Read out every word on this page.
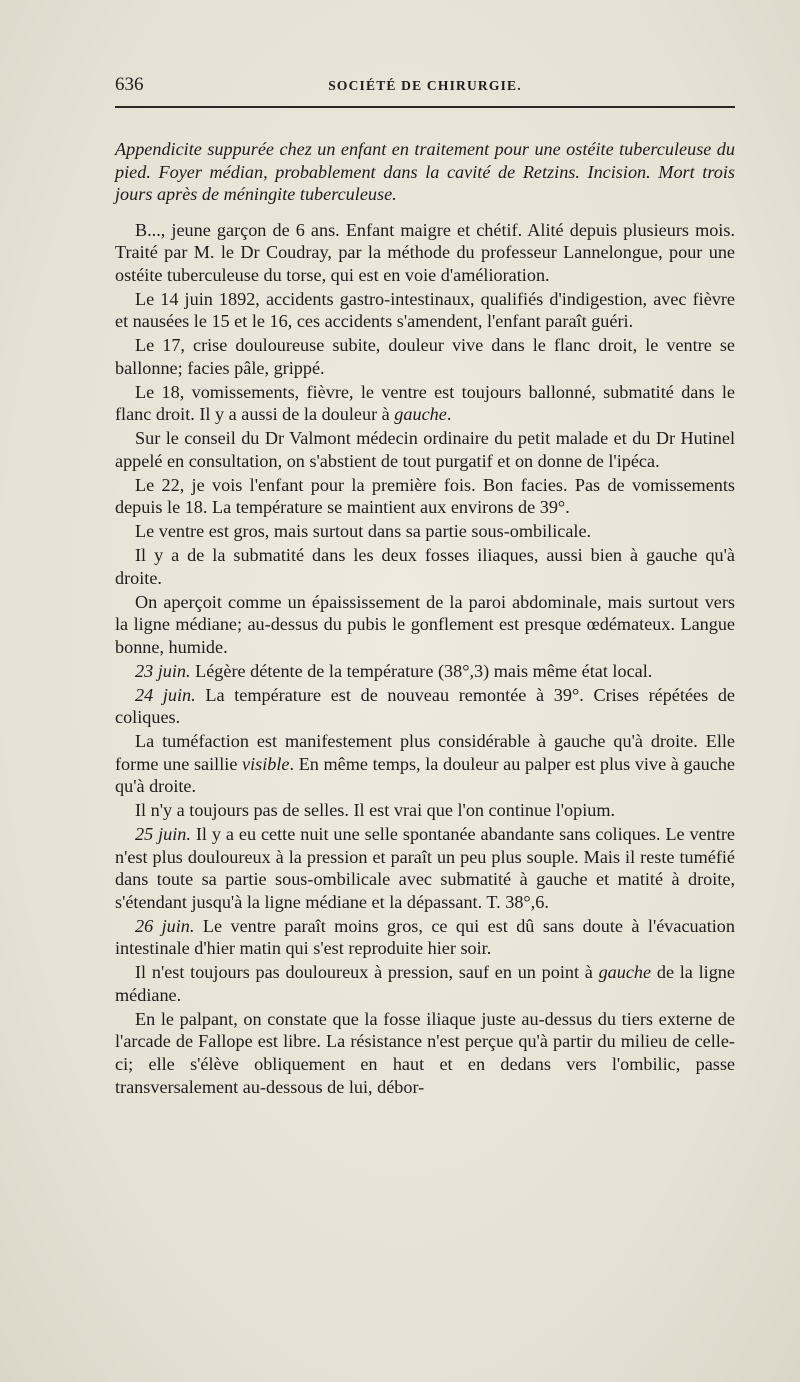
636	SOCIÉTÉ DE CHIRURGIE.

Appendicite suppurée chez un enfant en traitement pour une ostéite tuberculeuse du pied. Foyer médian, probablement dans la cavité de Retzins. Incision. Mort trois jours après de méningite tuberculeuse.

B..., jeune garçon de 6 ans. Enfant maigre et chétif. Alité depuis plusieurs mois. Traité par M. le Dr Coudray, par la méthode du professeur Lannelongue, pour une ostéite tuberculeuse du torse, qui est en voie d'amélioration.

Le 14 juin 1892, accidents gastro-intestinaux, qualifiés d'indigestion, avec fièvre et nausées le 15 et le 16, ces accidents s'amendent, l'enfant paraît guéri.

Le 17, crise douloureuse subite, douleur vive dans le flanc droit, le ventre se ballonne; facies pâle, grippé.

Le 18, vomissements, fièvre, le ventre est toujours ballonné, submatité dans le flanc droit. Il y a aussi de la douleur à gauche.

Sur le conseil du Dr Valmont médecin ordinaire du petit malade et du Dr Hutinel appelé en consultation, on s'abstient de tout purgatif et on donne de l'ipéca.

Le 22, je vois l'enfant pour la première fois. Bon facies. Pas de vomissements depuis le 18. La température se maintient aux environs de 39°.

Le ventre est gros, mais surtout dans sa partie sous-ombilicale.

Il y a de la submatité dans les deux fosses iliaques, aussi bien à gauche qu'à droite.

On aperçoit comme un épaississement de la paroi abdominale, mais surtout vers la ligne médiane; au-dessus du pubis le gonflement est presque œdémateux. Langue bonne, humide.

23 juin. Légère détente de la température (38°,3) mais même état local.

24 juin. La température est de nouveau remontée à 39°. Crises répétées de coliques.

La tuméfaction est manifestement plus considérable à gauche qu'à droite. Elle forme une saillie visible. En même temps, la douleur au palper est plus vive à gauche qu'à droite.

Il n'y a toujours pas de selles. Il est vrai que l'on continue l'opium.

25 juin. Il y a eu cette nuit une selle spontanée abandante sans coliques. Le ventre n'est plus douloureux à la pression et paraît un peu plus souple. Mais il reste tuméfié dans toute sa partie sous-ombilicale avec submatité à gauche et matité à droite, s'étendant jusqu'à la ligne médiane et la dépassant. T. 38°,6.

26 juin. Le ventre paraît moins gros, ce qui est dû sans doute à l'évacuation intestinale d'hier matin qui s'est reproduite hier soir.

Il n'est toujours pas douloureux à pression, sauf en un point à gauche de la ligne médiane.

En le palpant, on constate que la fosse iliaque juste au-dessus du tiers externe de l'arcade de Fallope est libre. La résistance n'est perçue qu'à partir du milieu de celle-ci; elle s'élève obliquement en haut et en dedans vers l'ombilic, passe transversalement au-dessous de lui, débor-
